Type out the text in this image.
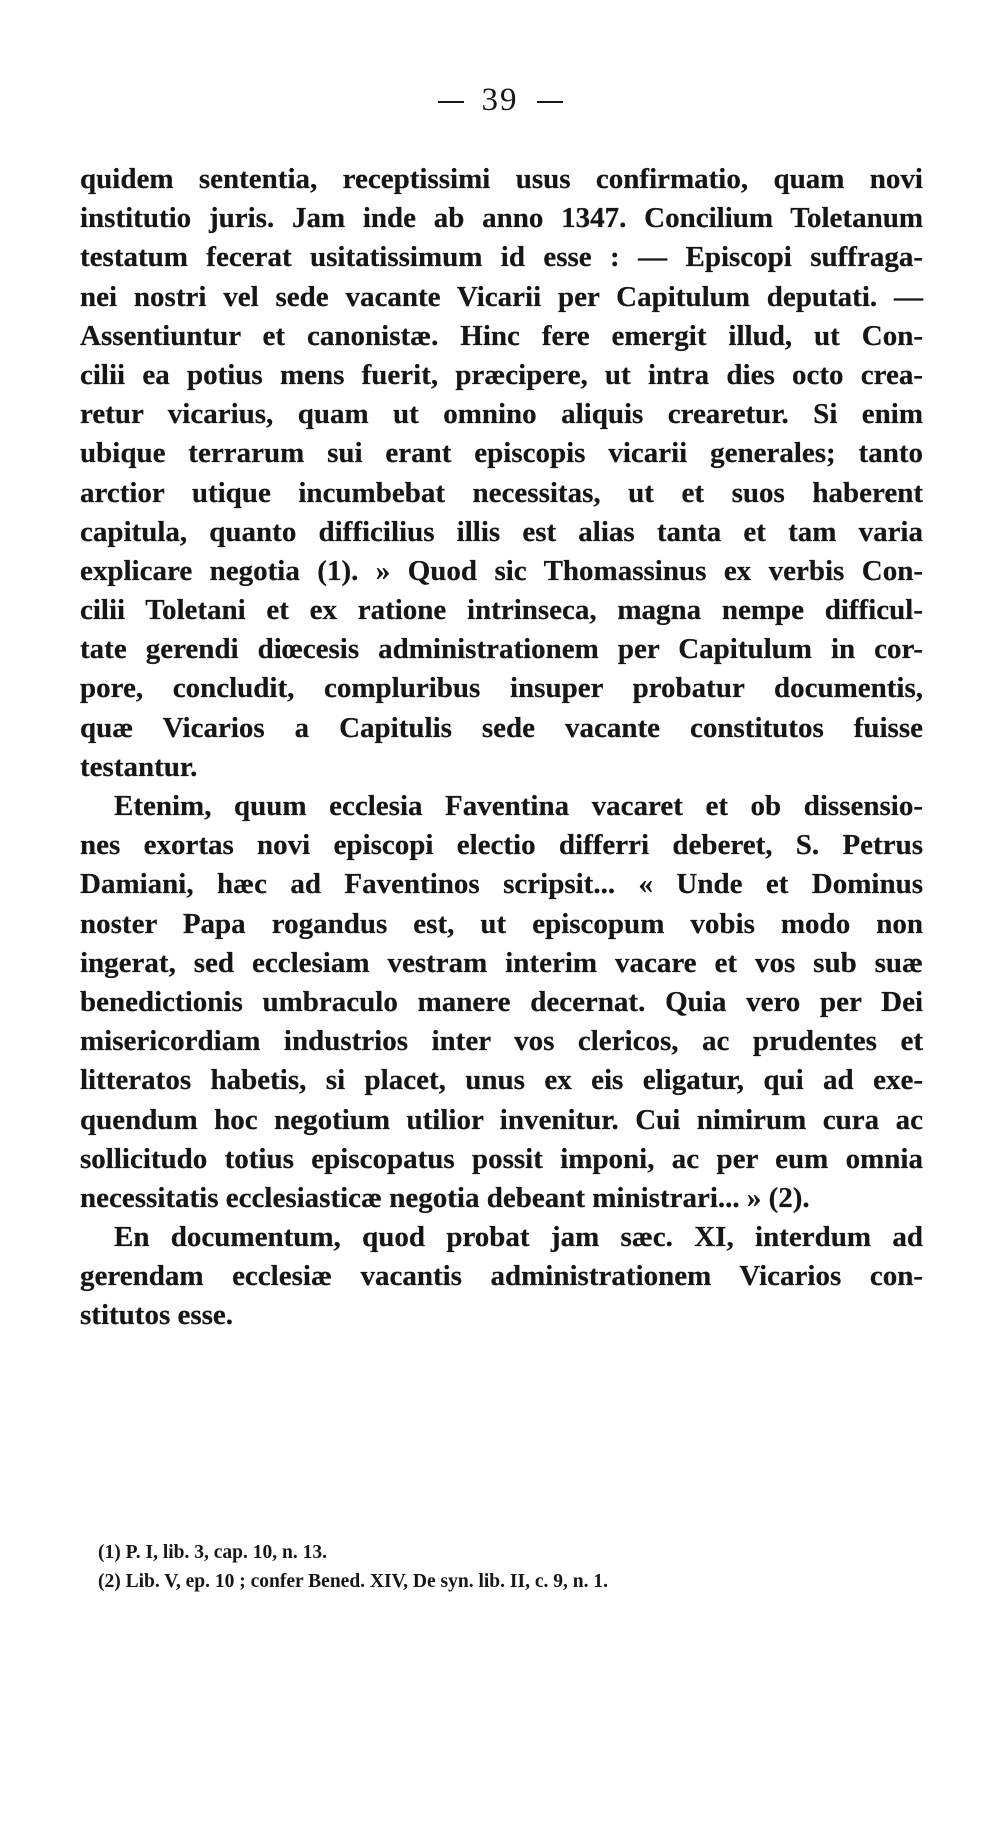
39
quidem sententia, receptissimi usus confirmatio, quam novi
institutio juris. Jam inde ab anno 1347. Concilium Toletanum
testatum fecerat usitatissimum id esse : — Episcopi suffraga-
nei nostri vel sede vacante Vicarii per Capitulum deputati. —
Assentiuntur et canonistæ. Hinc fere emergit illud, ut Con-
cilii ea potius mens fuerit, præcipere, ut intra dies octo crea-
retur vicarius, quam ut omnino aliquis crearetur. Si enim
ubique terrarum sui erant episcopis vicarii generales; tanto
arctior utique incumbebat necessitas, ut et suos haberent
capitula, quanto difficilius illis est alias tanta et tam varia
explicare negotia (1). » Quod sic Thomassinus ex verbis Con-
cilii Toletani et ex ratione intrinseca, magna nempe difficul-
tate gerendi diœcesis administrationem per Capitulum in cor-
pore, concludit, compluribus insuper probatur documentis,
quæ Vicarios a Capitulis sede vacante constitutos fuisse
testantur.
Etenim, quum ecclesia Faventina vacaret et ob dissensio-
nes exortas novi episcopi electio differri deberet, S. Petrus
Damiani, hæc ad Faventinos scripsit... « Unde et Dominus
noster Papa rogandus est, ut episcopum vobis modo non
ingerat, sed ecclesiam vestram interim vacare et vos sub suæ
benedictionis umbraculo manere decernat. Quia vero per Dei
misericordiam industrios inter vos clericos, ac prudentes et
litteratos habetis, si placet, unus ex eis eligatur, qui ad exe-
quendum hoc negotium utilior invenitur. Cui nimirum cura ac
sollicitudo totius episcopatus possit imponi, ac per eum omnia
necessitatis ecclesiasticæ negotia debeant ministrari... » (2).
En documentum, quod probat jam sæc. XI, interdum ad
gerendam ecclesiæ vacantis administrationem Vicarios con-
stitutos esse.
(1) P. I, lib. 3, cap. 10, n. 13.
(2) Lib. V, ep. 10 ; confer Bened. XIV, De syn. lib. II, c. 9, n. 1.
